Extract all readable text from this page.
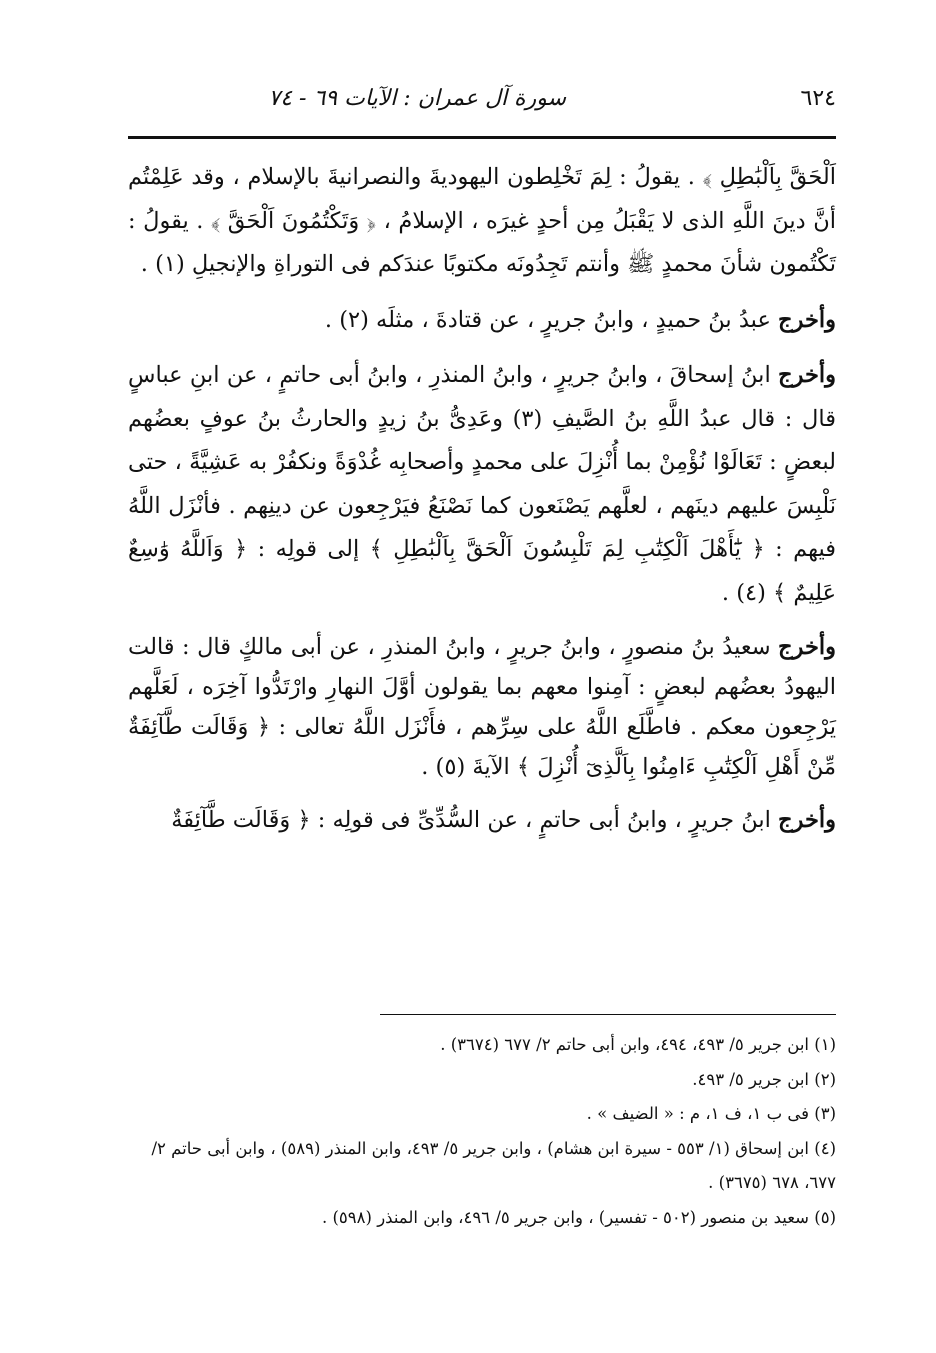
٦٢٤
سورة آل عمران : الآيات ٦٩ - ٧٤

اَلْحَقَّ بِاَلْبَٰطِلِ ﴾ . يقولُ : لِمَ تَخْلِطون اليهوديةَ والنصرانيةَ بالإسلام ، وقد عَلِمْتُم أنَّ دينَ اللَّهِ الذى لا يَقْبَلُ مِن أحدٍ غيرَه ، الإسلامُ ، ﴿ وَتَكْتُمُونَ اَلْحَقَّ ﴾ . يقولُ : تَكْتُمون شأنَ محمدٍ ﷺ وأنتم تَجِدُونَه مكتوبًا عندَكم فى التوراةِ والإنجيلِ (١) .

وأخرج عبدُ بنُ حميدٍ ، وابنُ جريرٍ ، عن قتادةَ ، مثلَه (٢) .

وأخرج ابنُ إسحاقَ ، وابنُ جريرٍ ، وابنُ المنذرِ ، وابنُ أبى حاتمٍ ، عن ابنِ عباسٍ قال : قال عبدُ اللَّهِ بنُ الصَّيفِ (٣) وعَدِىُّ بنُ زيدٍ والحارثُ بنُ عوفٍ بعضُهم لبعضٍ : تَعَالَوْا نُؤْمِنْ بما أُنْزِلَ على محمدٍ وأصحابِه غُدْوَةً ونكفُرْ به عَشِيَّةً ، حتى نَلْبِسَ عليهم دينَهم ، لعلَّهم يَصْنَعون كما نَصْنَعُ فيَرْجِعون عن دينِهم . فأنْزَل اللَّهُ فيهم : ﴿ يَٰٓأَهْلَ اَلْكِتَٰبِ لِمَ تَلْبِسُونَ اَلْحَقَّ بِاَلْبَٰطِلِ ﴾ إلى قولِه : ﴿ وَاَللَّهُ وَٰسِعٌ عَلِيمٌ ﴾ (٤) .

وأخرج سعيدُ بنُ منصورٍ ، وابنُ جريرٍ ، وابنُ المنذرِ ، عن أبى مالكٍ قال : قالت اليهودُ بعضُهم لبعضٍ : آمِنوا معهم بما يقولون أوَّلَ النهارِ وارْتَدُّوا آخِرَه ، لَعَلَّهم يَرْجِعون معكم . فاطَّلَع اللَّهُ على سِرِّهم ، فأَنْزَل اللَّهُ تعالى : ﴿ وَقَالَت طَّآئِفَةٌ مِّنْ أَهْلِ اَلْكِتَٰبِ ءَامِنُوا بِاَلَّذِىٓ أُنْزِلَ ﴾ الآيةَ (٥) .

وأخرج ابنُ جريرٍ ، وابنُ أبى حاتمٍ ، عن السُّدِّىِّ فى قولِه : ﴿ وَقَالَت طَّآئِفَةٌ

(١) ابن جرير ٥/ ٤٩٣، ٤٩٤، وابن أبى حاتم ٢/ ٦٧٧ (٣٦٧٤) .

(٢) ابن جرير ٥/ ٤٩٣.

(٣) فى ب ١، ف ١، م : « الضيف » .

(٤) ابن إسحاق (١/ ٥٥٣ - سيرة ابن هشام) ، وابن جرير ٥/ ٤٩٣، وابن المنذر (٥٨٩) ، وابن أبى حاتم ٢/ ٦٧٧، ٦٧٨ (٣٦٧٥) .

(٥) سعيد بن منصور (٥٠٢ - تفسير) ، وابن جرير ٥/ ٤٩٦، وابن المنذر (٥٩٨) .
